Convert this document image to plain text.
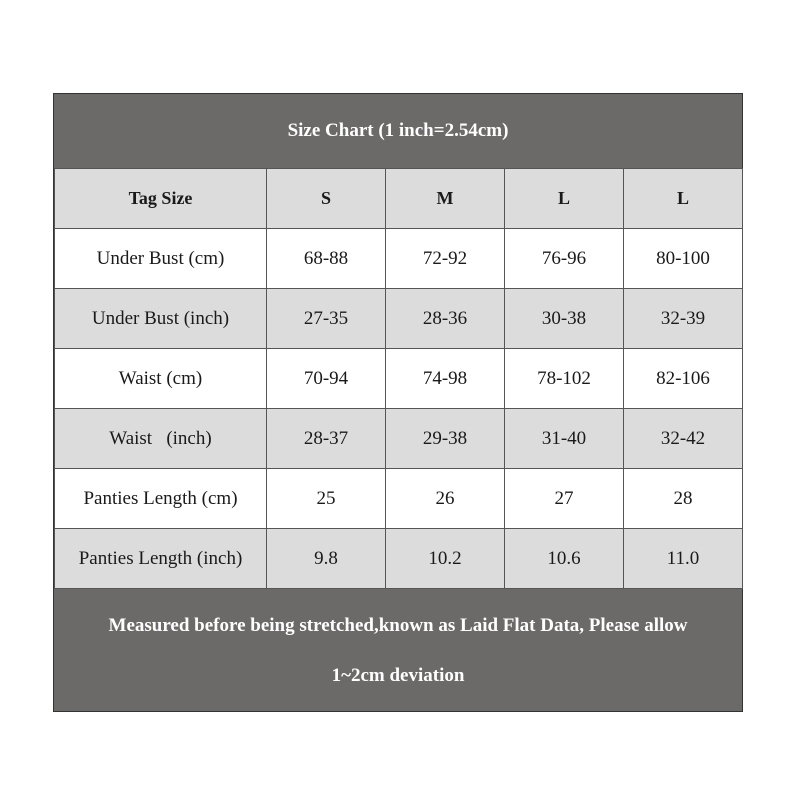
Size Chart (1 inch=2.54cm)
Tag Size	S	M	L	L
Under Bust (cm)	68-88	72-92	76-96	80-100
Under Bust (inch)	27-35	28-36	30-38	32-39
Waist (cm)	70-94	74-98	78-102	82-106
Waist   (inch)	28-37	29-38	31-40	32-42
Panties Length (cm)	25	26	27	28
Panties Length (inch)	9.8	10.2	10.6	11.0
Measured before being stretched,known as Laid Flat Data, Please allow
1~2cm deviation
